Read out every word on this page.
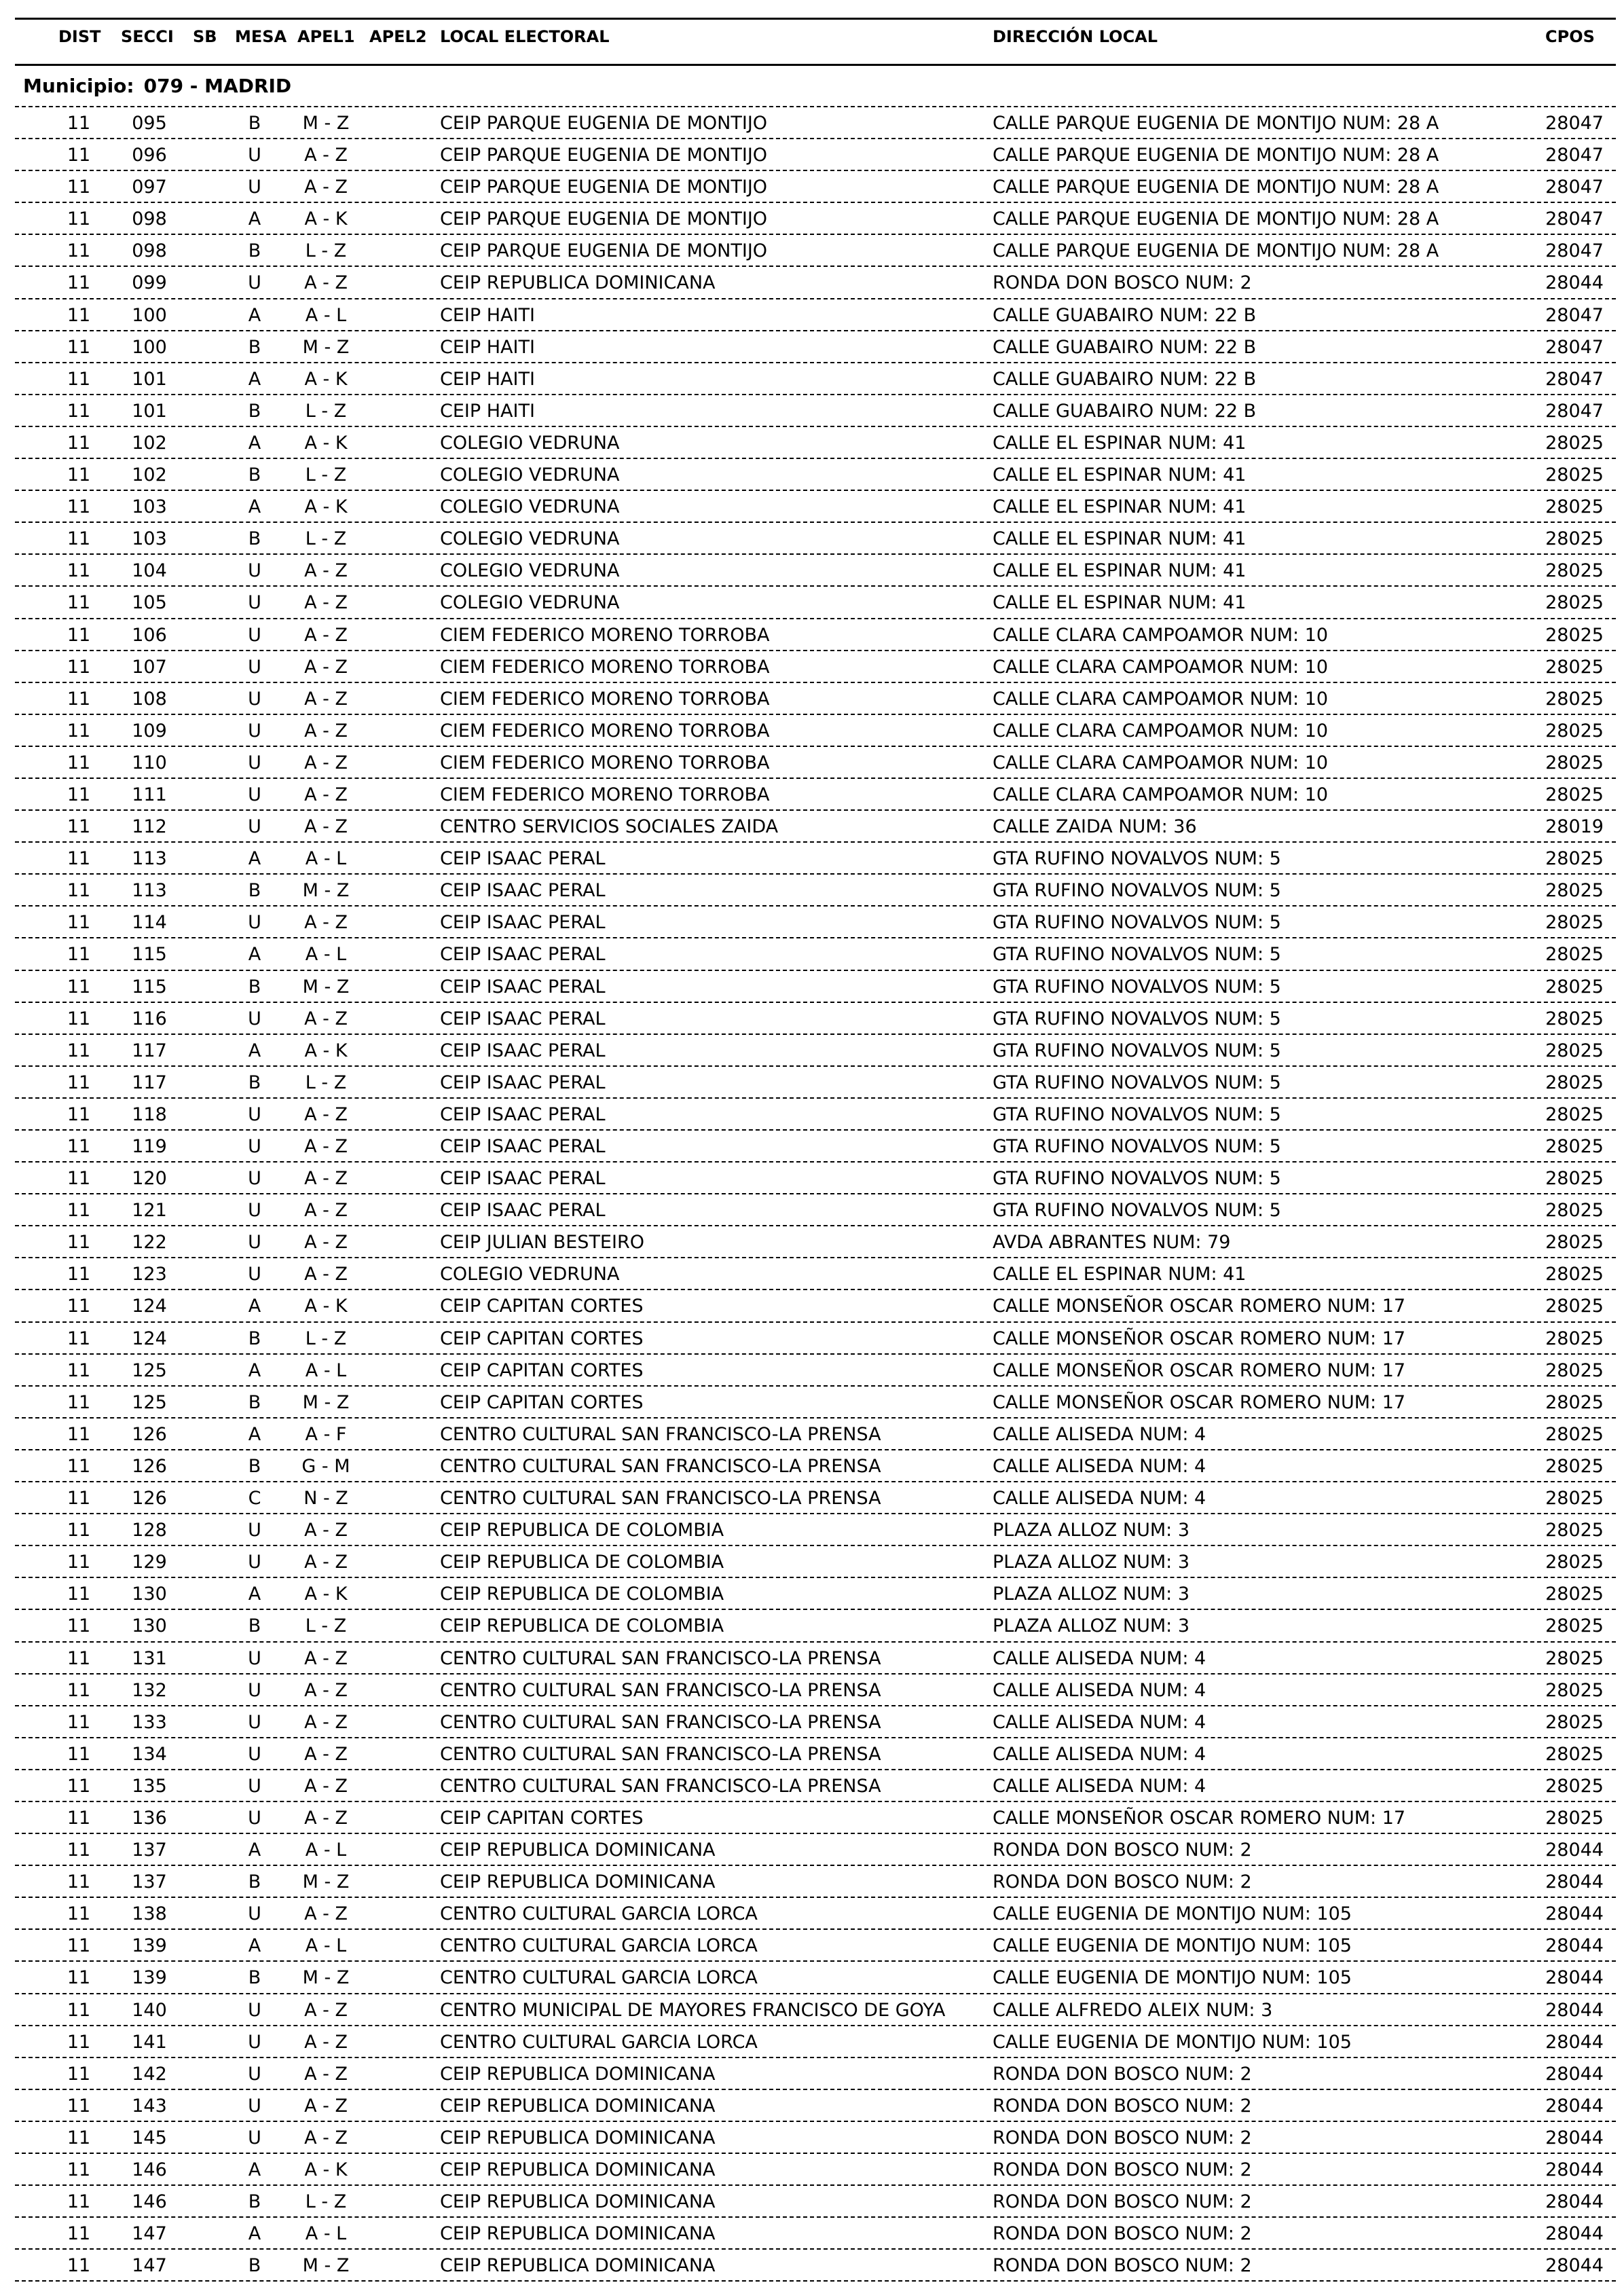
DIST SECCI SB MESA APEL1 APEL2 LOCAL ELECTORAL	DIRECCIÓN LOCAL	CPOS
Municipio: 079 - MADRID
11 095	B	M - Z	CEIP PARQUE EUGENIA DE MONTIJO	CALLE PARQUE EUGENIA DE MONTIJO NUM: 28 A	28047
11 096	U	A - Z	CEIP PARQUE EUGENIA DE MONTIJO	CALLE PARQUE EUGENIA DE MONTIJO NUM: 28 A	28047
11 097	U	A - Z	CEIP PARQUE EUGENIA DE MONTIJO	CALLE PARQUE EUGENIA DE MONTIJO NUM: 28 A	28047
11 098	A	A - K	CEIP PARQUE EUGENIA DE MONTIJO	CALLE PARQUE EUGENIA DE MONTIJO NUM: 28 A	28047
11 098	B	L - Z	CEIP PARQUE EUGENIA DE MONTIJO	CALLE PARQUE EUGENIA DE MONTIJO NUM: 28 A	28047
11 099	U	A - Z	CEIP REPUBLICA DOMINICANA	RONDA DON BOSCO NUM: 2	28044
11 100	A	A - L	CEIP HAITI	CALLE GUABAIRO NUM: 22 B	28047
11 100	B	M - Z	CEIP HAITI	CALLE GUABAIRO NUM: 22 B	28047
11 101	A	A - K	CEIP HAITI	CALLE GUABAIRO NUM: 22 B	28047
11 101	B	L - Z	CEIP HAITI	CALLE GUABAIRO NUM: 22 B	28047
11 102	A	A - K	COLEGIO VEDRUNA	CALLE EL ESPINAR NUM: 41	28025
11 102	B	L - Z	COLEGIO VEDRUNA	CALLE EL ESPINAR NUM: 41	28025
11 103	A	A - K	COLEGIO VEDRUNA	CALLE EL ESPINAR NUM: 41	28025
11 103	B	L - Z	COLEGIO VEDRUNA	CALLE EL ESPINAR NUM: 41	28025
11 104	U	A - Z	COLEGIO VEDRUNA	CALLE EL ESPINAR NUM: 41	28025
11 105	U	A - Z	COLEGIO VEDRUNA	CALLE EL ESPINAR NUM: 41	28025
11 106	U	A - Z	CIEM FEDERICO MORENO TORROBA	CALLE CLARA CAMPOAMOR NUM: 10	28025
11 107	U	A - Z	CIEM FEDERICO MORENO TORROBA	CALLE CLARA CAMPOAMOR NUM: 10	28025
11 108	U	A - Z	CIEM FEDERICO MORENO TORROBA	CALLE CLARA CAMPOAMOR NUM: 10	28025
11 109	U	A - Z	CIEM FEDERICO MORENO TORROBA	CALLE CLARA CAMPOAMOR NUM: 10	28025
11 110	U	A - Z	CIEM FEDERICO MORENO TORROBA	CALLE CLARA CAMPOAMOR NUM: 10	28025
11 111	U	A - Z	CIEM FEDERICO MORENO TORROBA	CALLE CLARA CAMPOAMOR NUM: 10	28025
11 112	U	A - Z	CENTRO SERVICIOS SOCIALES ZAIDA	CALLE ZAIDA NUM: 36	28019
11 113	A	A - L	CEIP ISAAC PERAL	GTA RUFINO NOVALVOS NUM: 5	28025
11 113	B	M - Z	CEIP ISAAC PERAL	GTA RUFINO NOVALVOS NUM: 5	28025
11 114	U	A - Z	CEIP ISAAC PERAL	GTA RUFINO NOVALVOS NUM: 5	28025
11 115	A	A - L	CEIP ISAAC PERAL	GTA RUFINO NOVALVOS NUM: 5	28025
11 115	B	M - Z	CEIP ISAAC PERAL	GTA RUFINO NOVALVOS NUM: 5	28025
11 116	U	A - Z	CEIP ISAAC PERAL	GTA RUFINO NOVALVOS NUM: 5	28025
11 117	A	A - K	CEIP ISAAC PERAL	GTA RUFINO NOVALVOS NUM: 5	28025
11 117	B	L - Z	CEIP ISAAC PERAL	GTA RUFINO NOVALVOS NUM: 5	28025
11 118	U	A - Z	CEIP ISAAC PERAL	GTA RUFINO NOVALVOS NUM: 5	28025
11 119	U	A - Z	CEIP ISAAC PERAL	GTA RUFINO NOVALVOS NUM: 5	28025
11 120	U	A - Z	CEIP ISAAC PERAL	GTA RUFINO NOVALVOS NUM: 5	28025
11 121	U	A - Z	CEIP ISAAC PERAL	GTA RUFINO NOVALVOS NUM: 5	28025
11 122	U	A - Z	CEIP JULIAN BESTEIRO	AVDA ABRANTES NUM: 79	28025
11 123	U	A - Z	COLEGIO VEDRUNA	CALLE EL ESPINAR NUM: 41	28025
11 124	A	A - K	CEIP CAPITAN CORTES	CALLE MONSEÑOR OSCAR ROMERO NUM: 17	28025
11 124	B	L - Z	CEIP CAPITAN CORTES	CALLE MONSEÑOR OSCAR ROMERO NUM: 17	28025
11 125	A	A - L	CEIP CAPITAN CORTES	CALLE MONSEÑOR OSCAR ROMERO NUM: 17	28025
11 125	B	M - Z	CEIP CAPITAN CORTES	CALLE MONSEÑOR OSCAR ROMERO NUM: 17	28025
11 126	A	A - F	CENTRO CULTURAL SAN FRANCISCO-LA PRENSA	CALLE ALISEDA NUM: 4	28025
11 126	B	G - M	CENTRO CULTURAL SAN FRANCISCO-LA PRENSA	CALLE ALISEDA NUM: 4	28025
11 126	C	N - Z	CENTRO CULTURAL SAN FRANCISCO-LA PRENSA	CALLE ALISEDA NUM: 4	28025
11 128	U	A - Z	CEIP REPUBLICA DE COLOMBIA	PLAZA ALLOZ NUM: 3	28025
11 129	U	A - Z	CEIP REPUBLICA DE COLOMBIA	PLAZA ALLOZ NUM: 3	28025
11 130	A	A - K	CEIP REPUBLICA DE COLOMBIA	PLAZA ALLOZ NUM: 3	28025
11 130	B	L - Z	CEIP REPUBLICA DE COLOMBIA	PLAZA ALLOZ NUM: 3	28025
11 131	U	A - Z	CENTRO CULTURAL SAN FRANCISCO-LA PRENSA	CALLE ALISEDA NUM: 4	28025
11 132	U	A - Z	CENTRO CULTURAL SAN FRANCISCO-LA PRENSA	CALLE ALISEDA NUM: 4	28025
11 133	U	A - Z	CENTRO CULTURAL SAN FRANCISCO-LA PRENSA	CALLE ALISEDA NUM: 4	28025
11 134	U	A - Z	CENTRO CULTURAL SAN FRANCISCO-LA PRENSA	CALLE ALISEDA NUM: 4	28025
11 135	U	A - Z	CENTRO CULTURAL SAN FRANCISCO-LA PRENSA	CALLE ALISEDA NUM: 4	28025
11 136	U	A - Z	CEIP CAPITAN CORTES	CALLE MONSEÑOR OSCAR ROMERO NUM: 17	28025
11 137	A	A - L	CEIP REPUBLICA DOMINICANA	RONDA DON BOSCO NUM: 2	28044
11 137	B	M - Z	CEIP REPUBLICA DOMINICANA	RONDA DON BOSCO NUM: 2	28044
11 138	U	A - Z	CENTRO CULTURAL GARCIA LORCA	CALLE EUGENIA DE MONTIJO NUM: 105	28044
11 139	A	A - L	CENTRO CULTURAL GARCIA LORCA	CALLE EUGENIA DE MONTIJO NUM: 105	28044
11 139	B	M - Z	CENTRO CULTURAL GARCIA LORCA	CALLE EUGENIA DE MONTIJO NUM: 105	28044
11 140	U	A - Z	CENTRO MUNICIPAL DE MAYORES FRANCISCO DE GOYA	CALLE ALFREDO ALEIX NUM: 3	28044
11 141	U	A - Z	CENTRO CULTURAL GARCIA LORCA	CALLE EUGENIA DE MONTIJO NUM: 105	28044
11 142	U	A - Z	CEIP REPUBLICA DOMINICANA	RONDA DON BOSCO NUM: 2	28044
11 143	U	A - Z	CEIP REPUBLICA DOMINICANA	RONDA DON BOSCO NUM: 2	28044
11 145	U	A - Z	CEIP REPUBLICA DOMINICANA	RONDA DON BOSCO NUM: 2	28044
11 146	A	A - K	CEIP REPUBLICA DOMINICANA	RONDA DON BOSCO NUM: 2	28044
11 146	B	L - Z	CEIP REPUBLICA DOMINICANA	RONDA DON BOSCO NUM: 2	28044
11 147	A	A - L	CEIP REPUBLICA DOMINICANA	RONDA DON BOSCO NUM: 2	28044
11 147	B	M - Z	CEIP REPUBLICA DOMINICANA	RONDA DON BOSCO NUM: 2	28044
